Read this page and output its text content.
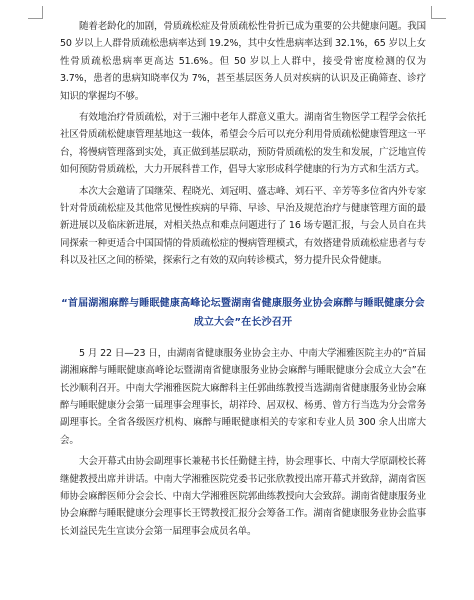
随着老龄化的加剧，骨质疏松症及骨质疏松性骨折已成为重要的公共健康问题。我国 50 岁以上人群骨质疏松患病率达到 19.2%，其中女性患病率达到 32.1%，65 岁以上女性骨质疏松患病率更高达 51.6%。但 50 岁以上人群中，接受骨密度检测的仅为 3.7%，患者的患病知晓率仅为 7%，甚至基层医务人员对疾病的认识及正确筛查、诊疗知识的掌握均不够。

有效地治疗骨质疏松，对于三湘中老年人群意义重大。湖南省生物医学工程学会依托社区骨质疏松健康管理基地这一载体，希望会今后可以充分利用骨质疏松健康管理这一平台，将慢病管理落到实处，真正做到基层联动，预防骨质疏松的发生和发展，广泛地宣传如何预防骨质疏松，大力开展科普工作，倡导大家形成科学健康的行为方式和生活方式。

本次大会邀请了国继荣、程晓光、刘冠明、盛志峰、刘石平、辛芳等多位省内外专家针对骨质疏松症及其他常见慢性疾病的早筛、早诊、早治及规范治疗与健康管理方面的最新进展以及临床新进展，对相关热点和难点问题进行了 16 场专题汇报，与会人员自在共同探索一种更适合中国国情的骨质疏松症的慢病管理模式，有效搭建骨质疏松症患者与专科以及社区之间的桥梁，探索行之有效的双向转诊模式，努力提升民众骨健康。

“首届湖湘麻醉与睡眠健康高峰论坛暨湖南省健康服务业协会麻醉与睡眠健康分会成立大会”在长沙召开

5 月 22 日—23 日，由湖南省健康服务业协会主办、中南大学湘雅医院主办的“首届湖湘麻醉与睡眠健康高峰论坛暨湖南省健康服务业协会麻醉与睡眠健康分会成立大会”在长沙顺利召开。中南大学湘雅医院大麻醉科主任郭曲练教授当选湖南省健康服务业协会麻醉与睡眠健康分会第一届理事会理事长，胡祥玲、居双权、杨勇、曾方行当选为分会常务副理事长。全省各级医疗机构、麻醉与睡眠健康相关的专家和专业人员 300 余人出席大会。

大会开幕式由协会副理事长兼秘书长任勤健主持，协会理事长、中南大学原副校长蒋继健教授出席并讲话。中南大学湘雅医院党委书记张欣教授出席开幕式并致辞，湖南省医师协会麻醉医师分会会长、中南大学湘雅医院郭曲练教授向大会致辞。湖南省健康服务业协会麻醉与睡眠健康分会理事长王锷教授汇报分会筹备工作。湖南省健康服务业协会监事长刘益民先生宣读分会第一届理事会成员名单。
